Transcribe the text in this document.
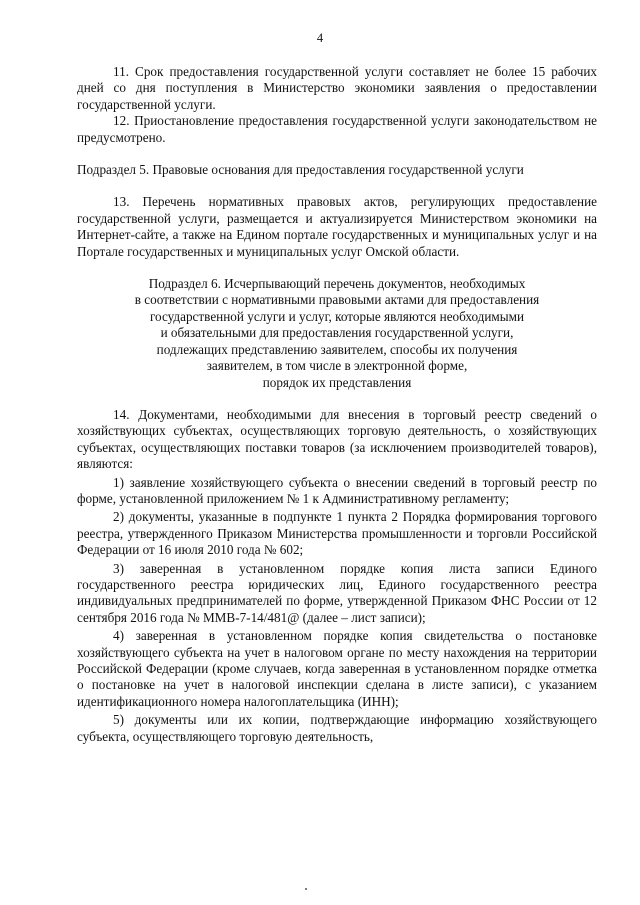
4

11. Срок предоставления государственной услуги составляет не более 15 рабочих дней со дня поступления в Министерство экономики заявления о предоставлении государственной услуги.

12. Приостановление предоставления государственной услуги законодательством не предусмотрено.

Подраздел 5. Правовые основания для предоставления государственной услуги

13. Перечень нормативных правовых актов, регулирующих предоставление государственной услуги, размещается и актуализируется Министерством экономики на Интернет-сайте, а также на Едином портале государственных и муниципальных услуг и на Портале государственных и муниципальных услуг Омской области.

Подраздел 6. Исчерпывающий перечень документов, необходимых
в соответствии с нормативными правовыми актами для предоставления
государственной услуги и услуг, которые являются необходимыми
и обязательными для предоставления государственной услуги,
подлежащих представлению заявителем, способы их получения
заявителем, в том числе в электронной форме,
порядок их представления

14. Документами, необходимыми для внесения в торговый реестр сведений о хозяйствующих субъектах, осуществляющих торговую деятельность, о хозяйствующих субъектах, осуществляющих поставки товаров (за исключением производителей товаров), являются:

1) заявление хозяйствующего субъекта о внесении сведений в торговый реестр по форме, установленной приложением № 1 к Административному регламенту;

2) документы, указанные в подпункте 1 пункта 2 Порядка формирования торгового реестра, утвержденного Приказом Министерства промышленности и торговли Российской Федерации от 16 июля 2010 года № 602;

3) заверенная в установленном порядке копия листа записи Единого государственного реестра юридических лиц, Единого государственного реестра индивидуальных предпринимателей по форме, утвержденной Приказом ФНС России от 12 сентября 2016 года № ММВ-7-14/481@ (далее – лист записи);

4) заверенная в установленном порядке копия свидетельства о постановке хозяйствующего субъекта на учет в налоговом органе по месту нахождения на территории Российской Федерации (кроме случаев, когда заверенная в установленном порядке отметка о постановке на учет в налоговой инспекции сделана в листе записи), с указанием идентификационного номера налогоплательщика (ИНН);

5) документы или их копии, подтверждающие информацию хозяйствующего субъекта, осуществляющего торговую деятельность,
